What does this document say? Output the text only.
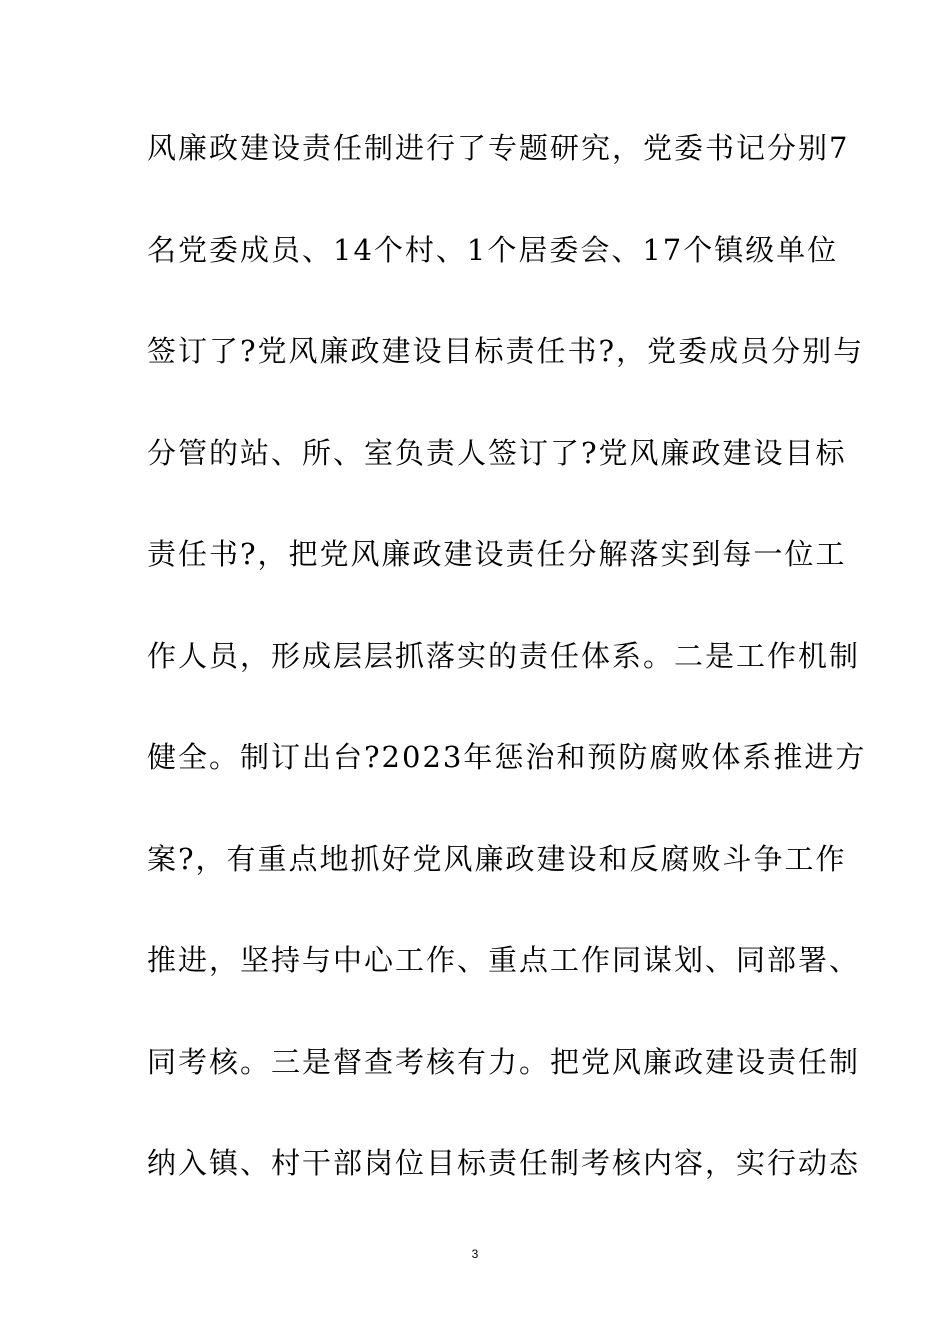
风廉政建设责任制进行了专题研究，党委书记分别7
名党委成员、14个村、1个居委会、17个镇级单位
签订了?党风廉政建设目标责任书?，党委成员分别与
分管的站、所、室负责人签订了?党风廉政建设目标
责任书?，把党风廉政建设责任分解落实到每一位工
作人员，形成层层抓落实的责任体系。二是工作机制
健全。制订出台?2023年惩治和预防腐败体系推进方
案?，有重点地抓好党风廉政建设和反腐败斗争工作
推进，坚持与中心工作、重点工作同谋划、同部署、
同考核。三是督查考核有力。把党风廉政建设责任制
纳入镇、村干部岗位目标责任制考核内容，实行动态
3
